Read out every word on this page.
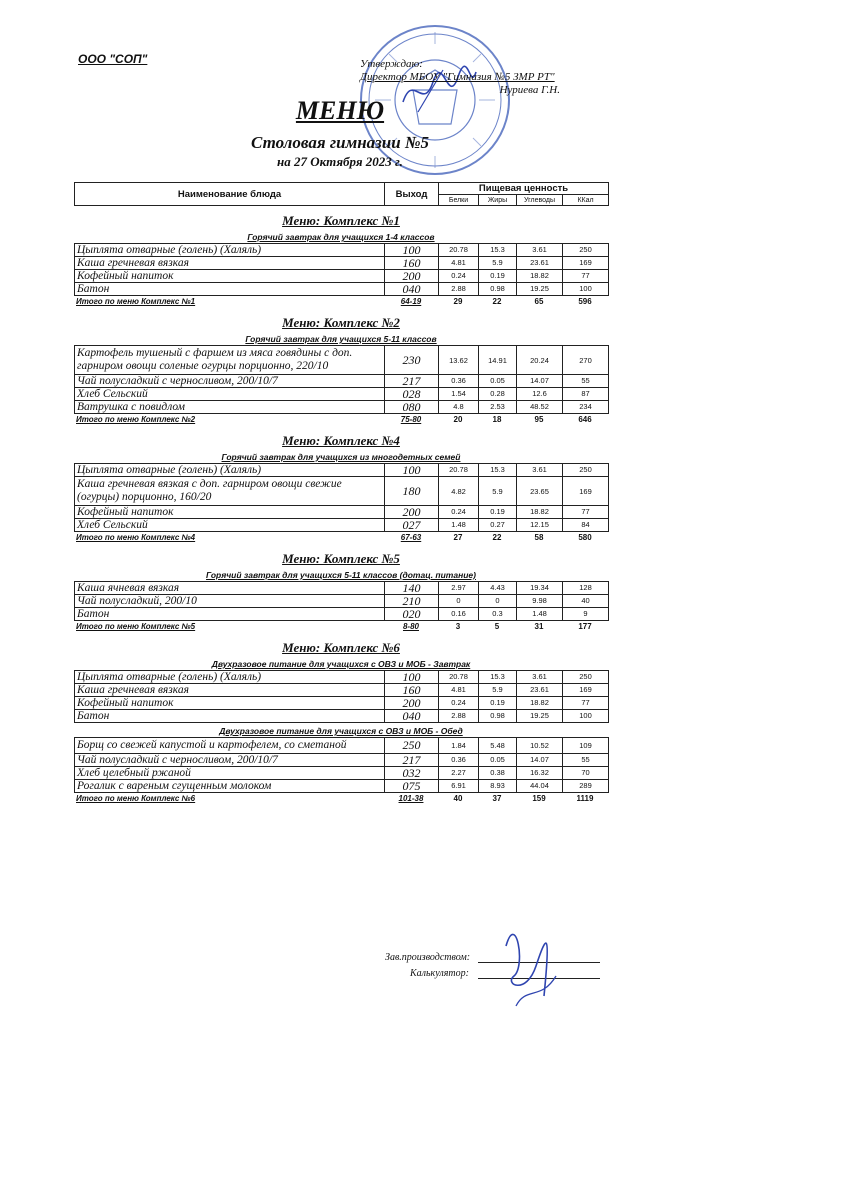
ООО "СОП"	Утверждаю:
Директор МБОУ "Гимназия №5 ЗМР РТ"
Нуриева Г.Н.
МЕНЮ
Столовая гимназии №5
на 27 Октября 2023 г.
Наименование блюда	Выход	Пищевая ценность			
		Белки	Жиры	Углеводы	ККал
Меню: Комплекс №1
Горячий завтрак для учащихся 1-4 классов
Цыплята отварные (голень) (Халяль)	100	20.78	15.3	3.61	250
Каша гречневая вязкая	160	4.81	5.9	23.61	169
Кофейный напиток	200	0.24	0.19	18.82	77
Батон	040	2.88	0.98	19.25	100
Итого по меню Комплекс №1	64-19	29	22	65	596
Меню: Комплекс №2
Горячий завтрак для учащихся 5-11 классов
Картофель тушеный с фаршем из мяса говядины с доп. гарниром овощи соленые огурцы порционно, 220/10	230	13.62	14.91	20.24	270
Чай полусладкий с черносливом, 200/10/7	217	0.36	0.05	14.07	55
Хлеб Сельский	028	1.54	0.28	12.6	87
Ватрушка с повидлом	080	4.8	2.53	48.52	234
Итого по меню Комплекс №2	75-80	20	18	95	646
Меню: Комплекс №4
Горячий завтрак для учащихся из многодетных семей
Цыплята отварные (голень) (Халяль)	100	20.78	15.3	3.61	250
Каша гречневая вязкая с доп. гарниром овощи свежие (огурцы) порционно, 160/20	180	4.82	5.9	23.65	169
Кофейный напиток	200	0.24	0.19	18.82	77
Хлеб Сельский	027	1.48	0.27	12.15	84
Итого по меню Комплекс №4	67-63	27	22	58	580
Меню: Комплекс №5
Горячий завтрак для учащихся 5-11 классов (дотац. питание)
Каша ячневая вязкая	140	2.97	4.43	19.34	128
Чай полусладкий, 200/10	210	0	0	9.98	40
Батон	020	0.16	0.3	1.48	9
Итого по меню Комплекс №5	8-80	3	5	31	177
Меню: Комплекс №6
Двухразовое питание для учащихся с ОВЗ и МОБ - Завтрак
Цыплята отварные (голень) (Халяль)	100	20.78	15.3	3.61	250
Каша гречневая вязкая	160	4.81	5.9	23.61	169
Кофейный напиток	200	0.24	0.19	18.82	77
Батон	040	2.88	0.98	19.25	100
Двухразовое питание для учащихся с ОВЗ и МОБ - Обед
Борщ со свежей капустой и картофелем, со сметаной	250	1.84	5.48	10.52	109
Чай полусладкий с черносливом, 200/10/7	217	0.36	0.05	14.07	55
Хлеб целебный ржаной	032	2.27	0.38	16.32	70
Рогалик с вареным сгущенным молоком	075	6.91	8.93	44.04	289
Итого по меню Комплекс №6	101-38	40	37	159	1119
Зав.производством:
Калькулятор:
